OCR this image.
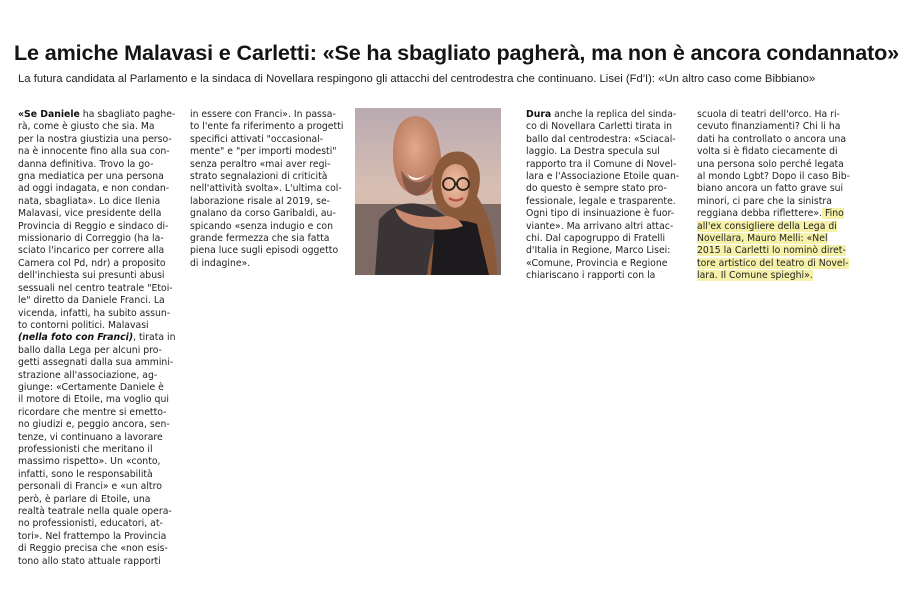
Le amiche Malavasi e Carletti: «Se ha sbagliato pagherà, ma non è ancora condannato»

La futura candidata al Parlamento e la sindaca di Novellara respingono gli attacchi del centrodestra che continuano. Lisei (Fd'I): «Un altro caso come Bibbiano»

«Se Daniele ha sbagliato paghe-
rà, come è giusto che sia. Ma
per la nostra giustizia una perso-
na è innocente fino alla sua con-
danna definitiva. Trovo la go-
gna mediatica per una persona
ad oggi indagata, e non condan-
nata, sbagliata». Lo dice Ilenia
Malavasi, vice presidente della
Provincia di Reggio e sindaco di-
missionario di Correggio (ha la-
sciato l'incarico per correre alla
Camera col Pd, ndr) a proposito
dell'inchiesta sui presunti abusi
sessuali nel centro teatrale "Etoi-
le" diretto da Daniele Franci. La
vicenda, infatti, ha subito assun-
to contorni politici. Malavasi
(nella foto con Franci), tirata in
ballo dalla Lega per alcuni pro-
getti assegnati dalla sua ammini-
strazione all'associazione, ag-
giunge: «Certamente Daniele è
il motore di Etoile, ma voglio qui
ricordare che mentre si emetto-
no giudizi e, peggio ancora, sen-
tenze, vi continuano a lavorare
professionisti che meritano il
massimo rispetto». Un «conto,
infatti, sono le responsabilità
personali di Franci» e «un altro
però, è parlare di Etoile, una
realtà teatrale nella quale opera-
no professionisti, educatori, at-
tori». Nel frattempo la Provincia
di Reggio precisa che «non esis-
tono allo stato attuale rapporti

in essere con Franci». In passa-
to l'ente fa riferimento a progetti
specifici attivati "occasional-
mente" e "per importi modesti"
senza peraltro «mai aver regi-
strato segnalazioni di criticità
nell'attività svolta». L'ultima col-
laborazione risale al 2019, se-
gnalano da corso Garibaldi, au-
spicando «senza indugio e con
grande fermezza che sia fatta
piena luce sugli episodi oggetto
di indagine».

Dura anche la replica del sinda-
co di Novellara Carletti tirata in
ballo dal centrodestra: «Sciacal-
laggio. La Destra specula sul
rapporto tra il Comune di Novel-
lara e l'Associazione Etoile quan-
do questo è sempre stato pro-
fessionale, legale e trasparente.
Ogni tipo di insinuazione è fuor-
viante». Ma arrivano altri attac-
chi. Dal capogruppo di Fratelli
d'Italia in Regione, Marco Lisei:
«Comune, Provincia e Regione
chiariscano i rapporti con la

scuola di teatri dell'orco. Ha ri-
cevuto finanziamenti? Chi li ha
dati ha controllato o ancora una
volta si è fidato ciecamente di
una persona solo perché legata
al mondo Lgbt? Dopo il caso Bib-
biano ancora un fatto grave sui
minori, ci pare che la sinistra
reggiana debba riflettere». Fino
all'ex consigliere della Lega di
Novellara, Mauro Melli: «Nel
2015 la Carletti lo nominò diret-
tore artistico del teatro di Novel-
lara. Il Comune spieghi».
